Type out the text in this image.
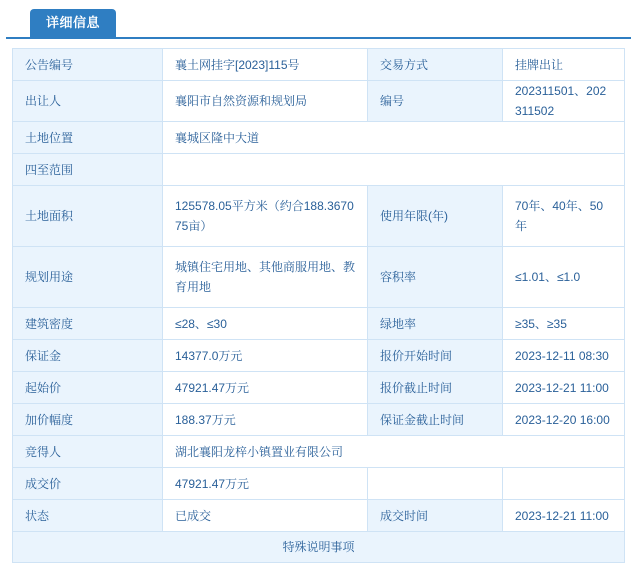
详细信息
公告编号	襄土网挂字[2023]115号	交易方式	挂牌出让
出让人	襄阳市自然资源和规划局	编号	202311501、202311502
土地位置	襄城区隆中大道		
四至范围			
土地面积	125578.05平方米（约合188.367075亩）	使用年限(年)	70年、40年、50年
规划用途	城镇住宅用地、其他商服用地、教育用地	容积率	≤1.01、≤1.0
建筑密度	≤28、≤30	绿地率	≥35、≥35
保证金	14377.0万元	报价开始时间	2023-12-11 08:30
起始价	47921.47万元	报价截止时间	2023-12-21 11:00
加价幅度	188.37万元	保证金截止时间	2023-12-20 16:00
竞得人	湖北襄阳龙梓小镇置业有限公司		
成交价	47921.47万元		
状态	已成交	成交时间	2023-12-21 11:00
特殊说明事项			
